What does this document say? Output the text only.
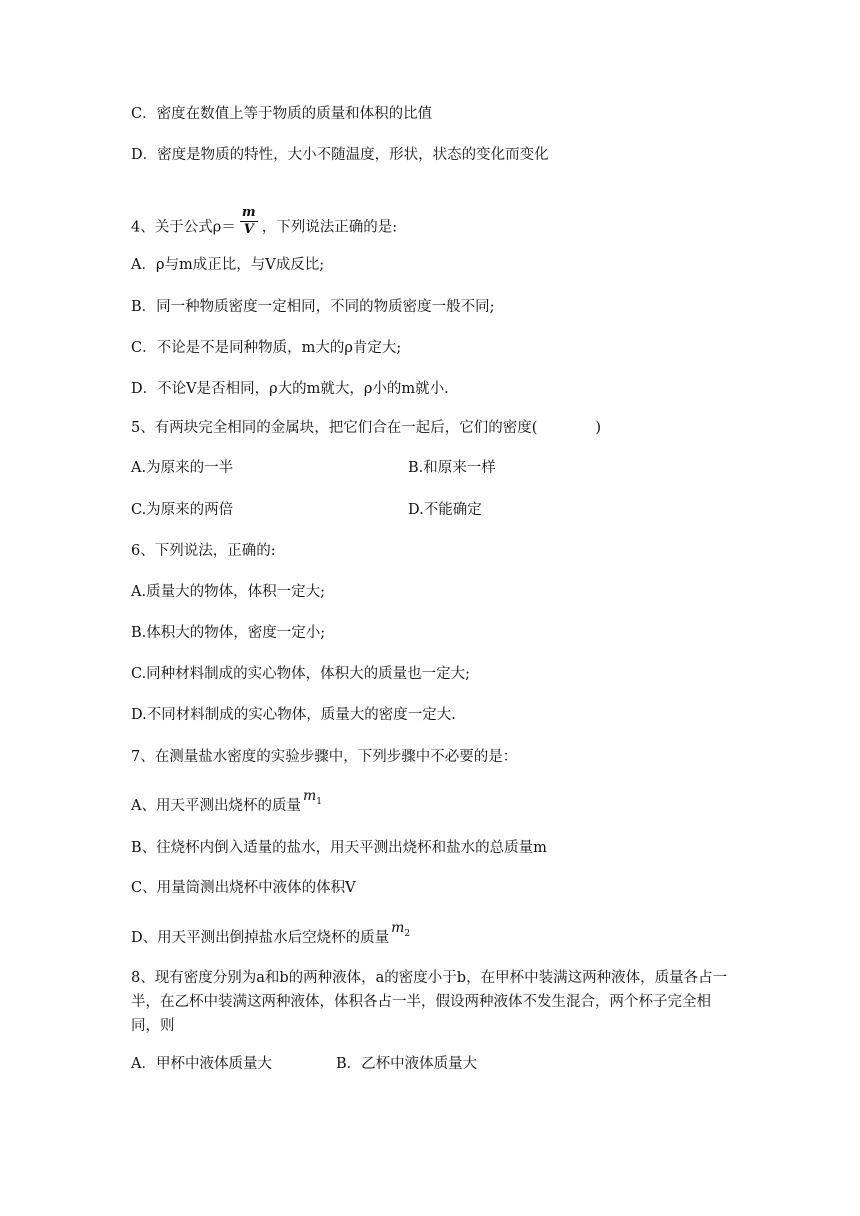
C．密度在数值上等于物质的质量和体积的比值
D．密度是物质的特性，大小不随温度，形状，状态的变化而变化
4、关于公式$\rho= \frac{m}{V}$ ，下列说法正确的是:
A．ρ与m成正比，与V成反比;
B．同一种物质密度一定相同，不同的物质密度一般不同;
C．不论是不是同种物质，m大的ρ肯定大;
D．不论V是否相同，ρ大的m就大，ρ小的m就小.
5、有两块完全相同的金属块，把它们合在一起后，它们的密度(　　　　)
A.为原来的一半	B.和原来一样
C.为原来的两倍	D.不能确定
6、下列说法，正确的:
A.质量大的物体，体积一定大;
B.体积大的物体，密度一定小;
C.同种材料制成的实心物体，体积大的质量也一定大;
D.不同材料制成的实心物体，质量大的密度一定大.
7、在测量盐水密度的实验步骤中，下列步骤中不必要的是：
A、用天平测出烧杯的质量$m_1$
B、往烧杯内倒入适量的盐水，用天平测出烧杯和盐水的总质量m
C、用量筒测出烧杯中液体的体积V
D、用天平测出倒掉盐水后空烧杯的质量$m_2$
8、现有密度分别为a和b的两种液体，a的密度小于b，在甲杯中装满这两种液体，质量各占一半，在乙杯中装满这两种液体，体积各占一半，假设两种液体不发生混合，两个杯子完全相同，则
A．甲杯中液体质量大	B．乙杯中液体质量大
